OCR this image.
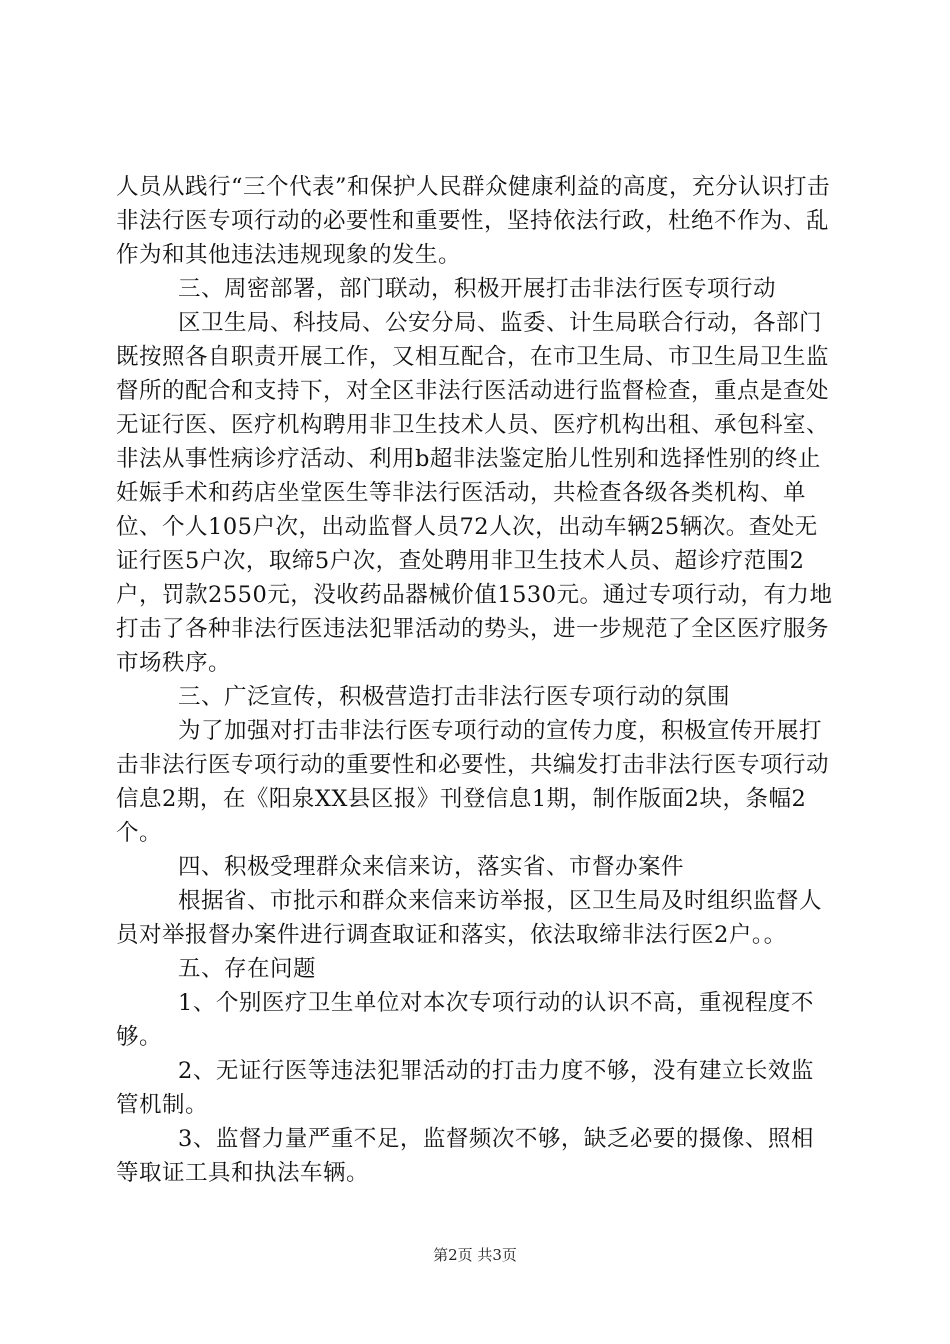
人员从践行“三个代表”和保护人民群众健康利益的高度，充分认识打击非法行医专项行动的必要性和重要性，坚持依法行政，杜绝不作为、乱作为和其他违法违规现象的发生。

三、周密部署，部门联动，积极开展打击非法行医专项行动

区卫生局、科技局、公安分局、监委、计生局联合行动，各部门既按照各自职责开展工作，又相互配合，在市卫生局、市卫生局卫生监督所的配合和支持下，对全区非法行医活动进行监督检查，重点是查处无证行医、医疗机构聘用非卫生技术人员、医疗机构出租、承包科室、非法从事性病诊疗活动、利用b超非法鉴定胎儿性别和选择性别的终止妊娠手术和药店坐堂医生等非法行医活动，共检查各级各类机构、单位、个人105户次，出动监督人员72人次，出动车辆25辆次。查处无证行医5户次，取缔5户次，查处聘用非卫生技术人员、超诊疗范围2户，罚款2550元，没收药品器械价值1530元。通过专项行动，有力地打击了各种非法行医违法犯罪活动的势头，进一步规范了全区医疗服务市场秩序。

三、广泛宣传，积极营造打击非法行医专项行动的氛围

为了加强对打击非法行医专项行动的宣传力度，积极宣传开展打击非法行医专项行动的重要性和必要性，共编发打击非法行医专项行动信息2期，在《阳泉XX县区报》刊登信息1期，制作版面2块，条幅2个。

四、积极受理群众来信来访，落实省、市督办案件

根据省、市批示和群众来信来访举报，区卫生局及时组织监督人员对举报督办案件进行调查取证和落实，依法取缔非法行医2户。。

五、存在问题

1、个别医疗卫生单位对本次专项行动的认识不高，重视程度不够。

2、无证行医等违法犯罪活动的打击力度不够，没有建立长效监管机制。

3、监督力量严重不足，监督频次不够，缺乏必要的摄像、照相等取证工具和执法车辆。

第2页 共3页
